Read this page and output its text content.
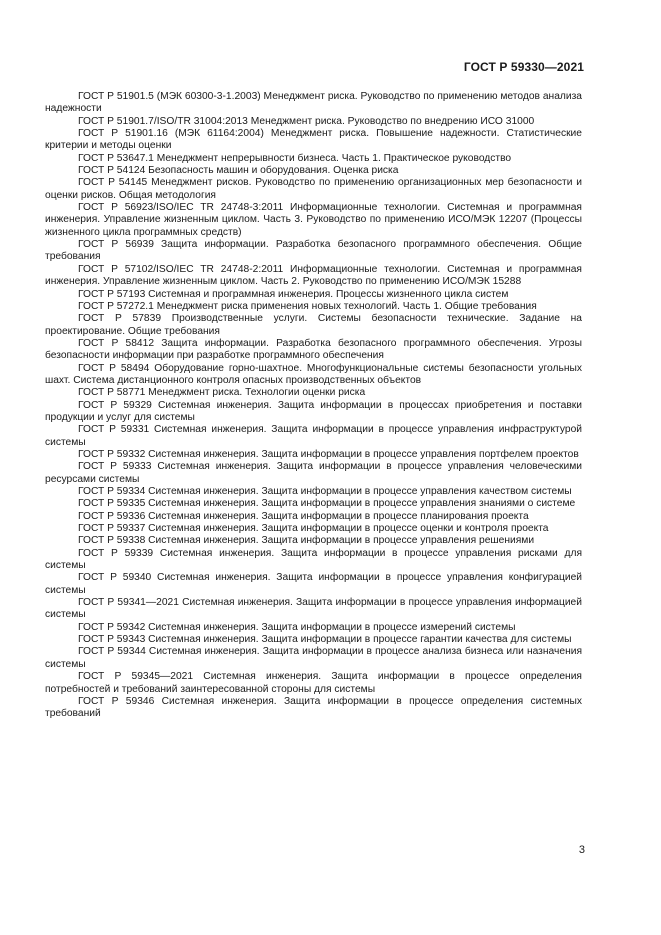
ГОСТ Р 59330—2021

ГОСТ Р 51901.5 (МЭК 60300-3-1.2003) Менеджмент риска. Руководство по применению методов анализа надежности

ГОСТ Р 51901.7/ISO/TR 31004:2013 Менеджмент риска. Руководство по внедрению ИСО 31000

ГОСТ Р 51901.16 (МЭК 61164:2004) Менеджмент риска. Повышение надежности. Статистические критерии и методы оценки

ГОСТ Р 53647.1 Менеджмент непрерывности бизнеса. Часть 1. Практическое руководство

ГОСТ Р 54124 Безопасность машин и оборудования. Оценка риска

ГОСТ Р 54145 Менеджмент рисков. Руководство по применению организационных мер безопасности и оценки рисков. Общая методология

ГОСТ Р 56923/ISO/IEC TR 24748-3:2011 Информационные технологии. Системная и программная инженерия. Управление жизненным циклом. Часть 3. Руководство по применению ИСО/МЭК 12207 (Процессы жизненного цикла программных средств)

ГОСТ Р 56939 Защита информации. Разработка безопасного программного обеспечения. Общие требования

ГОСТ Р 57102/ISO/IEC TR 24748-2:2011 Информационные технологии. Системная и программная инженерия. Управление жизненным циклом. Часть 2. Руководство по применению ИСО/МЭК 15288

ГОСТ Р 57193 Системная и программная инженерия. Процессы жизненного цикла систем

ГОСТ Р 57272.1 Менеджмент риска применения новых технологий. Часть 1. Общие требования

ГОСТ Р 57839 Производственные услуги. Системы безопасности технические. Задание на проектирование. Общие требования

ГОСТ Р 58412 Защита информации. Разработка безопасного программного обеспечения. Угрозы безопасности информации при разработке программного обеспечения

ГОСТ Р 58494 Оборудование горно-шахтное. Многофункциональные системы безопасности угольных шахт. Система дистанционного контроля опасных производственных объектов

ГОСТ Р 58771 Менеджмент риска. Технологии оценки риска

ГОСТ Р 59329 Системная инженерия. Защита информации в процессах приобретения и поставки продукции и услуг для системы

ГОСТ Р 59331 Системная инженерия. Защита информации в процессе управления инфраструктурой системы

ГОСТ Р 59332 Системная инженерия. Защита информации в процессе управления портфелем проектов

ГОСТ Р 59333 Системная инженерия. Защита информации в процессе управления человеческими ресурсами системы

ГОСТ Р 59334 Системная инженерия. Защита информации в процессе управления качеством системы

ГОСТ Р 59335 Системная инженерия. Защита информации в процессе управления знаниями о системе

ГОСТ Р 59336 Системная инженерия. Защита информации в процессе планирования проекта

ГОСТ Р 59337 Системная инженерия. Защита информации в процессе оценки и контроля проекта

ГОСТ Р 59338 Системная инженерия. Защита информации в процессе управления решениями

ГОСТ Р 59339 Системная инженерия. Защита информации в процессе управления рисками для системы

ГОСТ Р 59340 Системная инженерия. Защита информации в процессе управления конфигурацией системы

ГОСТ Р 59341—2021 Системная инженерия. Защита информации в процессе управления информацией системы

ГОСТ Р 59342 Системная инженерия. Защита информации в процессе измерений системы

ГОСТ Р 59343 Системная инженерия. Защита информации в процессе гарантии качества для системы

ГОСТ Р 59344 Системная инженерия. Защита информации в процессе анализа бизнеса или назначения системы

ГОСТ Р 59345—2021 Системная инженерия. Защита информации в процессе определения потребностей и требований заинтересованной стороны для системы

ГОСТ Р 59346 Системная инженерия. Защита информации в процессе определения системных требований

3
